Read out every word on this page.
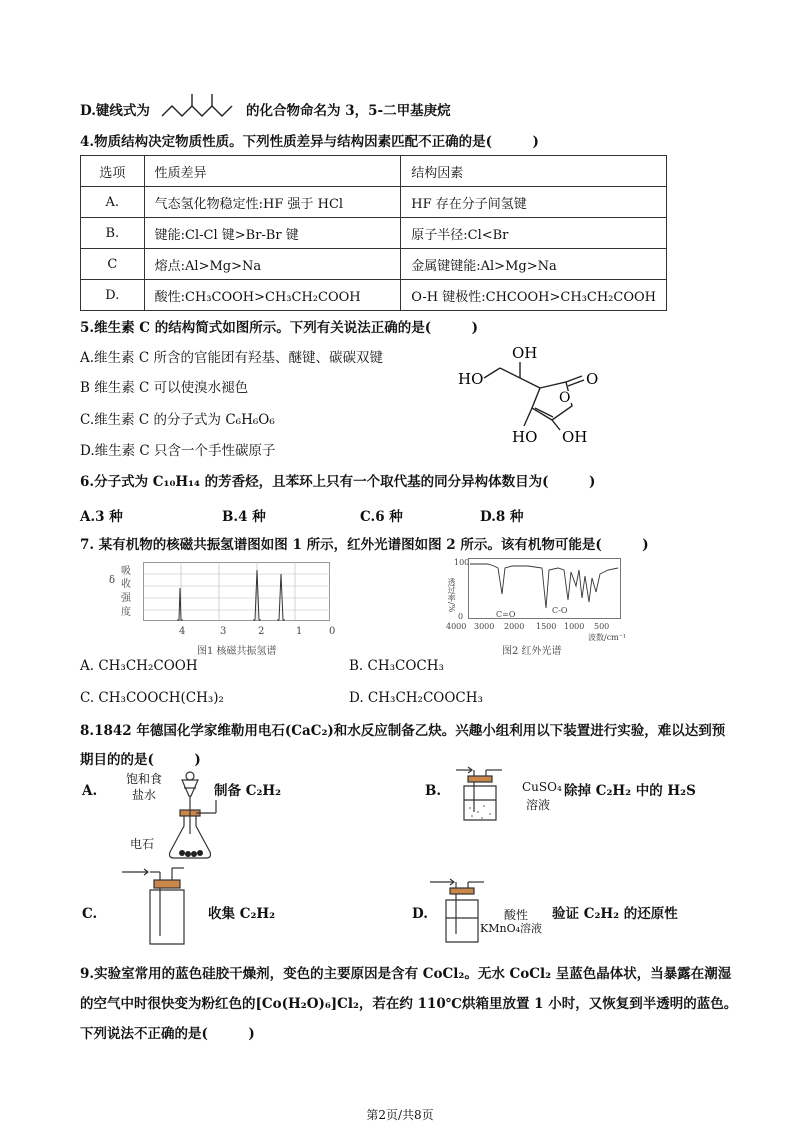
D.键线式为	的化合物命名为 3，5-二甲基庚烷
4.物质结构决定物质性质。下列性质差异与结构因素匹配不正确的是(　　　)
选项	性质差异	结构因素
A.	气态氢化物稳定性:HF 强于 HCl	HF 存在分子间氢键
B.	键能:Cl-Cl 键>Br-Br 键	原子半径:Cl<Br
C	熔点:Al>Mg>Na	金属键键能:Al>Mg>Na
D.	酸性:CH₃COOH>CH₃CH₂COOH	O-H 键极性:CHCOOH>CH₃CH₂COOH
5.维生素 C 的结构简式如图所示。下列有关说法正确的是(　　　)
A.维生素 C 所含的官能团有羟基、醚键、碳碳双键
B 维生素 C 可以使溴水褪色
C.维生素 C 的分子式为 C₆H₆O₆
D.维生素 C 只含一个手性碳原子
HO
OH
O
O
HO OH
6.分子式为 C₁₀H₁₄ 的芳香烃，且苯环上只有一个取代基的同分异构体数目为(　　　)
A.3 种	B.4 种	C.6 种	D.8 种
7. 某有机物的核磁共振氢谱图如图 1 所示，红外光谱图如图 2 所示。该有机物可能是(　　　)
吸
δ 收
强
度
4	3	2	1	0
图1 核磁共振氢谱
透过率/%
100
0	C=O	C-O
4000 3000 2000 1500 1000 500
波数/cm⁻¹
图2 红外光谱
A. CH₃CH₂COOH	B. CH₃COCH₃
C. CH₃COOCH(CH₃)₂	D. CH₃CH₂COOCH₃
8.1842 年德国化学家维勒用电石(CaC₂)和水反应制备乙炔。兴趣小组利用以下装置进行实验，难以达到预
期目的的是(　　　)
A.
饱和食
盐水
电石
制备 C₂H₂	B.	CuSO₄
溶液
除掉 C₂H₂ 中的 H₂S
C.	收集 C₂H₂	D.	酸性
KMnO₄溶液
验证 C₂H₂ 的还原性
9.实验室常用的蓝色硅胶干燥剂，变色的主要原因是含有 CoCl₂。无水 CoCl₂ 呈蓝色晶体状，当暴露在潮湿
的空气中时很快变为粉红色的[Co(H₂O)₆]Cl₂，若在约 110℃烘箱里放置 1 小时，又恢复到半透明的蓝色。
下列说法不正确的是(　　　)
第2页/共8页
